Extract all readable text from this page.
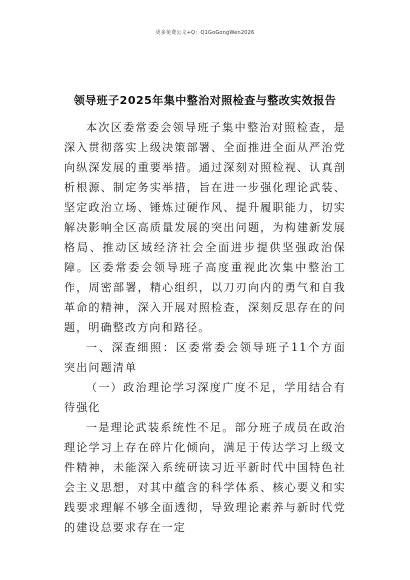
更多免费公文+Q：Q1GoGongWen2026
领导班子2025年集中整治对照检查与整改实效报告

本次区委常委会领导班子集中整治对照检查，是深入贯彻落实上级决策部署、全面推进全面从严治党向纵深发展的重要举措。通过深刻对照检视、认真剖析根源、制定务实举措，旨在进一步强化理论武装、坚定政治立场、锤炼过硬作风、提升履职能力，切实解决影响全区高质量发展的突出问题，为构建新发展格局、推动区域经济社会全面进步提供坚强政治保障。区委常委会领导班子高度重视此次集中整治工作，周密部署，精心组织，以刀刃向内的勇气和自我革命的精神，深入开展对照检查，深刻反思存在的问题，明确整改方向和路径。

一、深查细照：区委常委会领导班子11个方面突出问题清单

（一）政治理论学习深度广度不足，学用结合有待强化

一是理论武装系统性不足。部分班子成员在政治理论学习上存在碎片化倾向，满足于传达学习上级文件精神，未能深入系统研读习近平新时代中国特色社会主义思想，对其中蕴含的科学体系、核心要义和实践要求理解不够全面透彻，导致理论素养与新时代党的建设总要求存在一定
